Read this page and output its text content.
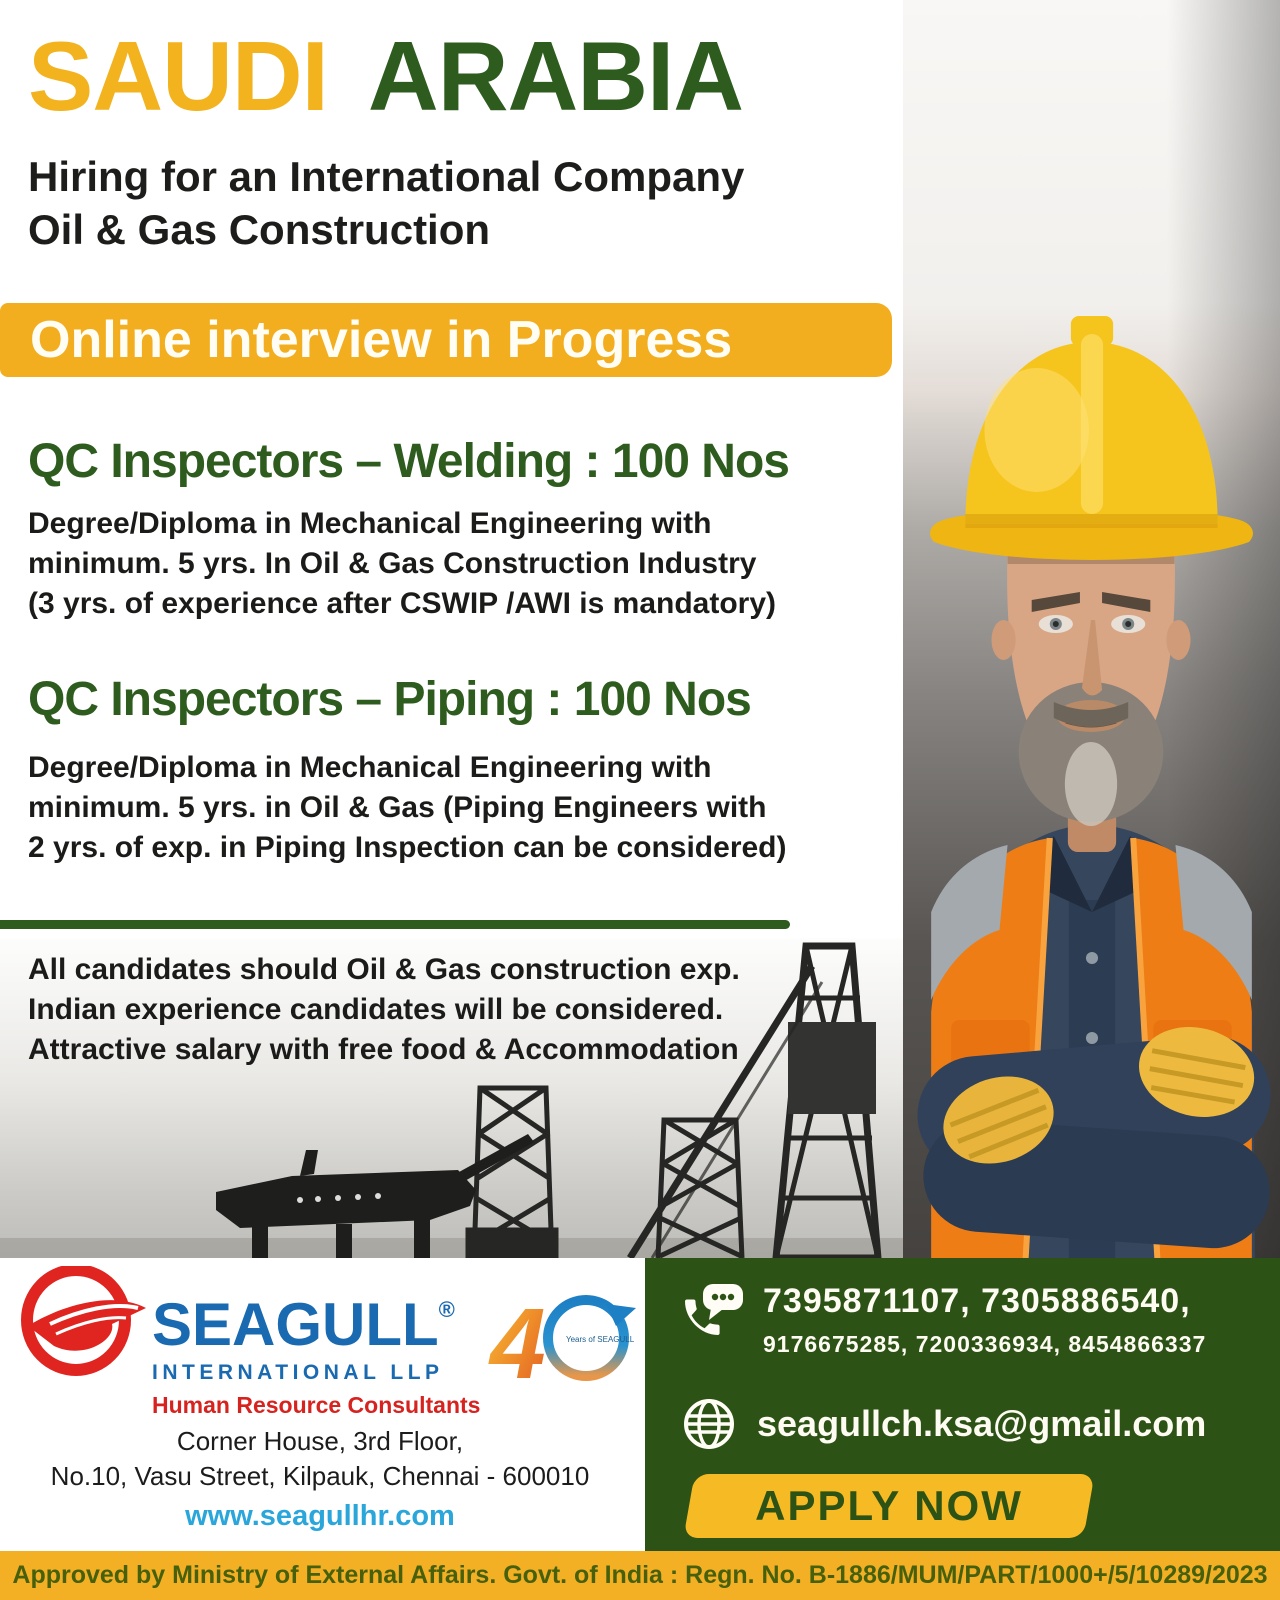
SAUDI ARABIA
Hiring for an International Company
Oil & Gas Construction
Online interview in Progress
QC Inspectors – Welding : 100 Nos
Degree/Diploma in Mechanical Engineering with
minimum. 5 yrs. In Oil & Gas Construction Industry
(3 yrs. of experience after CSWIP /AWI is mandatory)
QC Inspectors – Piping : 100 Nos
Degree/Diploma in Mechanical Engineering with
minimum. 5 yrs. in Oil & Gas (Piping Engineers with
2 yrs. of exp. in Piping Inspection can be considered)
All candidates should Oil & Gas construction exp.
Indian experience candidates will be considered.
Attractive salary with free food & Accommodation
SEAGULL®
INTERNATIONAL LLP
Human Resource Consultants
4	Years of SEAGULL
Corner House, 3rd Floor,
No.10, Vasu Street, Kilpauk, Chennai - 600010
www.seagullhr.com
7395871107, 7305886540,
9176675285, 7200336934, 8454866337
seagullch.ksa@gmail.com
APPLY NOW
Approved by Ministry of External Affairs. Govt. of India : Regn. No. B-1886/MUM/PART/1000+/5/10289/2023
